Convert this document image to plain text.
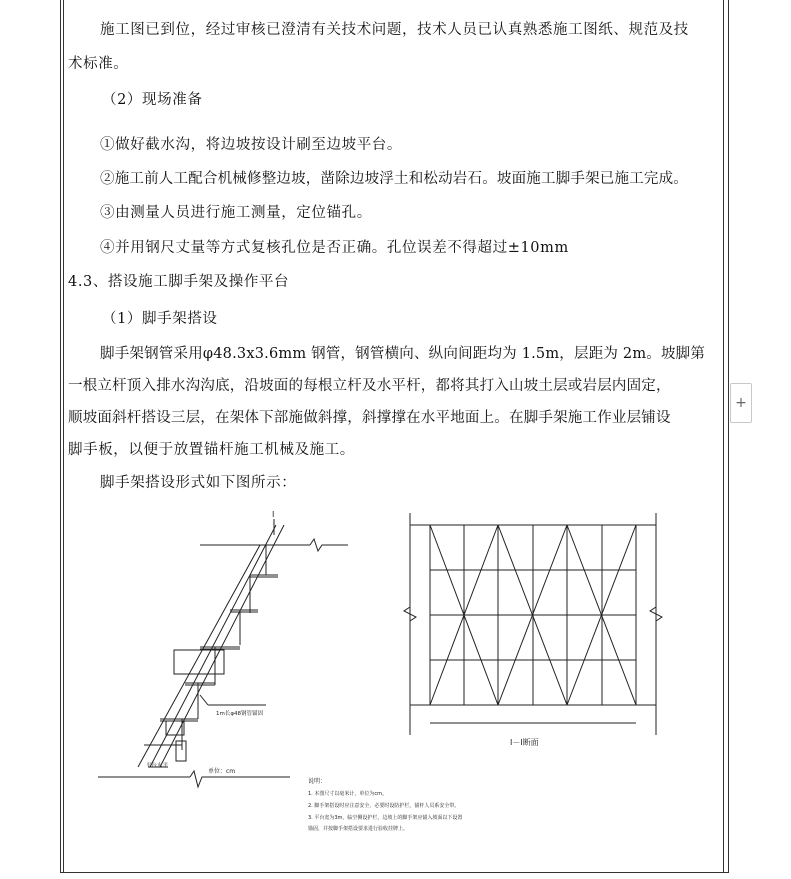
施工图已到位，经过审核已澄清有关技术问题，技术人员已认真熟悉施工图纸、规范及技
术标准。
（2）现场准备
①做好截水沟，将边坡按设计刷至边坡平台。
②施工前人工配合机械修整边坡，凿除边坡浮土和松动岩石。坡面施工脚手架已施工完成。
③由测量人员进行施工测量，定位锚孔。
④并用钢尺丈量等方式复核孔位是否正确。孔位误差不得超过±10mm
4.3、搭设施工脚手架及操作平台
（1）脚手架搭设
脚手架钢管采用φ48.3x3.6mm 钢管，钢管横向、纵向间距均为 1.5m，层距为 2m。坡脚第
一根立杆顶入排水沟沟底，沿坡面的每根立杆及水平杆，都将其打入山坡土层或岩层内固定，
顺坡面斜杆搭设三层，在架体下部施做斜撑，斜撑撑在水平地面上。在脚手架施工作业层铺设
脚手板，以便于放置锚杆施工机械及施工。
脚手架搭设形式如下图所示：
+
I
1m长φ48钢管锚固
平台水平
单位：cm
I－I断面
说明：
1. 本图尺寸以毫米计，单位为cm。
2. 脚手架搭设时应注意安全，必要时设防护栏，锚杆人员系安全带。
3. 平台宽为3m，临空侧设护栏，边坡上的脚手架应锚入坡面以下设置
锚固，并按脚手架搭设要求进行验收挂牌上。
